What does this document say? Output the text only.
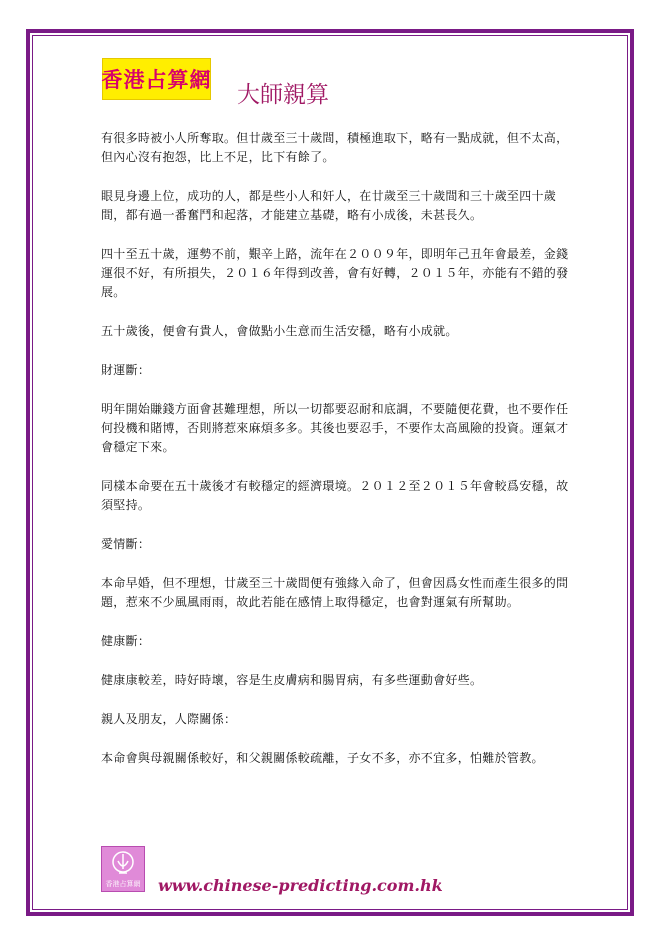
香港占算網
大師親算

有很多時被小人所奪取。但廿歲至三十歲間，積極進取下，略有一點成就，但不太高，但內心沒有抱怨，比上不足，比下有餘了。

眼見身邊上位，成功的人，都是些小人和奸人，在廿歲至三十歲間和三十歲至四十歲間，都有過一番奮鬥和起落，才能建立基礎，略有小成後，未甚長久。

四十至五十歲，運勢不前，艱辛上路，流年在２００９年，即明年己丑年會最差，金錢運很不好，有所損失，２０１６年得到改善，會有好轉，２０１５年，亦能有不錯的發展。

五十歲後，便會有貴人，會做點小生意而生活安穩，略有小成就。

財運斷：

明年開始賺錢方面會甚難理想，所以一切都要忍耐和底調，不要隨便花費，也不要作任何投機和賭博，否則將惹來麻煩多多。其後也要忍手，不要作太高風險的投資。運氣才會穩定下來。

同樣本命要在五十歲後才有較穩定的經濟環境。２０１２至２０１５年會較爲安穩，故須堅持。

愛情斷：

本命早婚，但不理想，廿歲至三十歲間便有強緣入命了，但會因爲女性而產生很多的問題，惹來不少風風雨雨，故此若能在感情上取得穩定，也會對運氣有所幫助。

健康斷：

健康康較差，時好時壞，容是生皮膚病和腸胃病，有多些運動會好些。

親人及朋友，人際關係：

本命會與母親關係較好，和父親關係較疏離，子女不多，亦不宜多，怕難於管教。

香港占算網 www.chinese-predicting.com.hk
